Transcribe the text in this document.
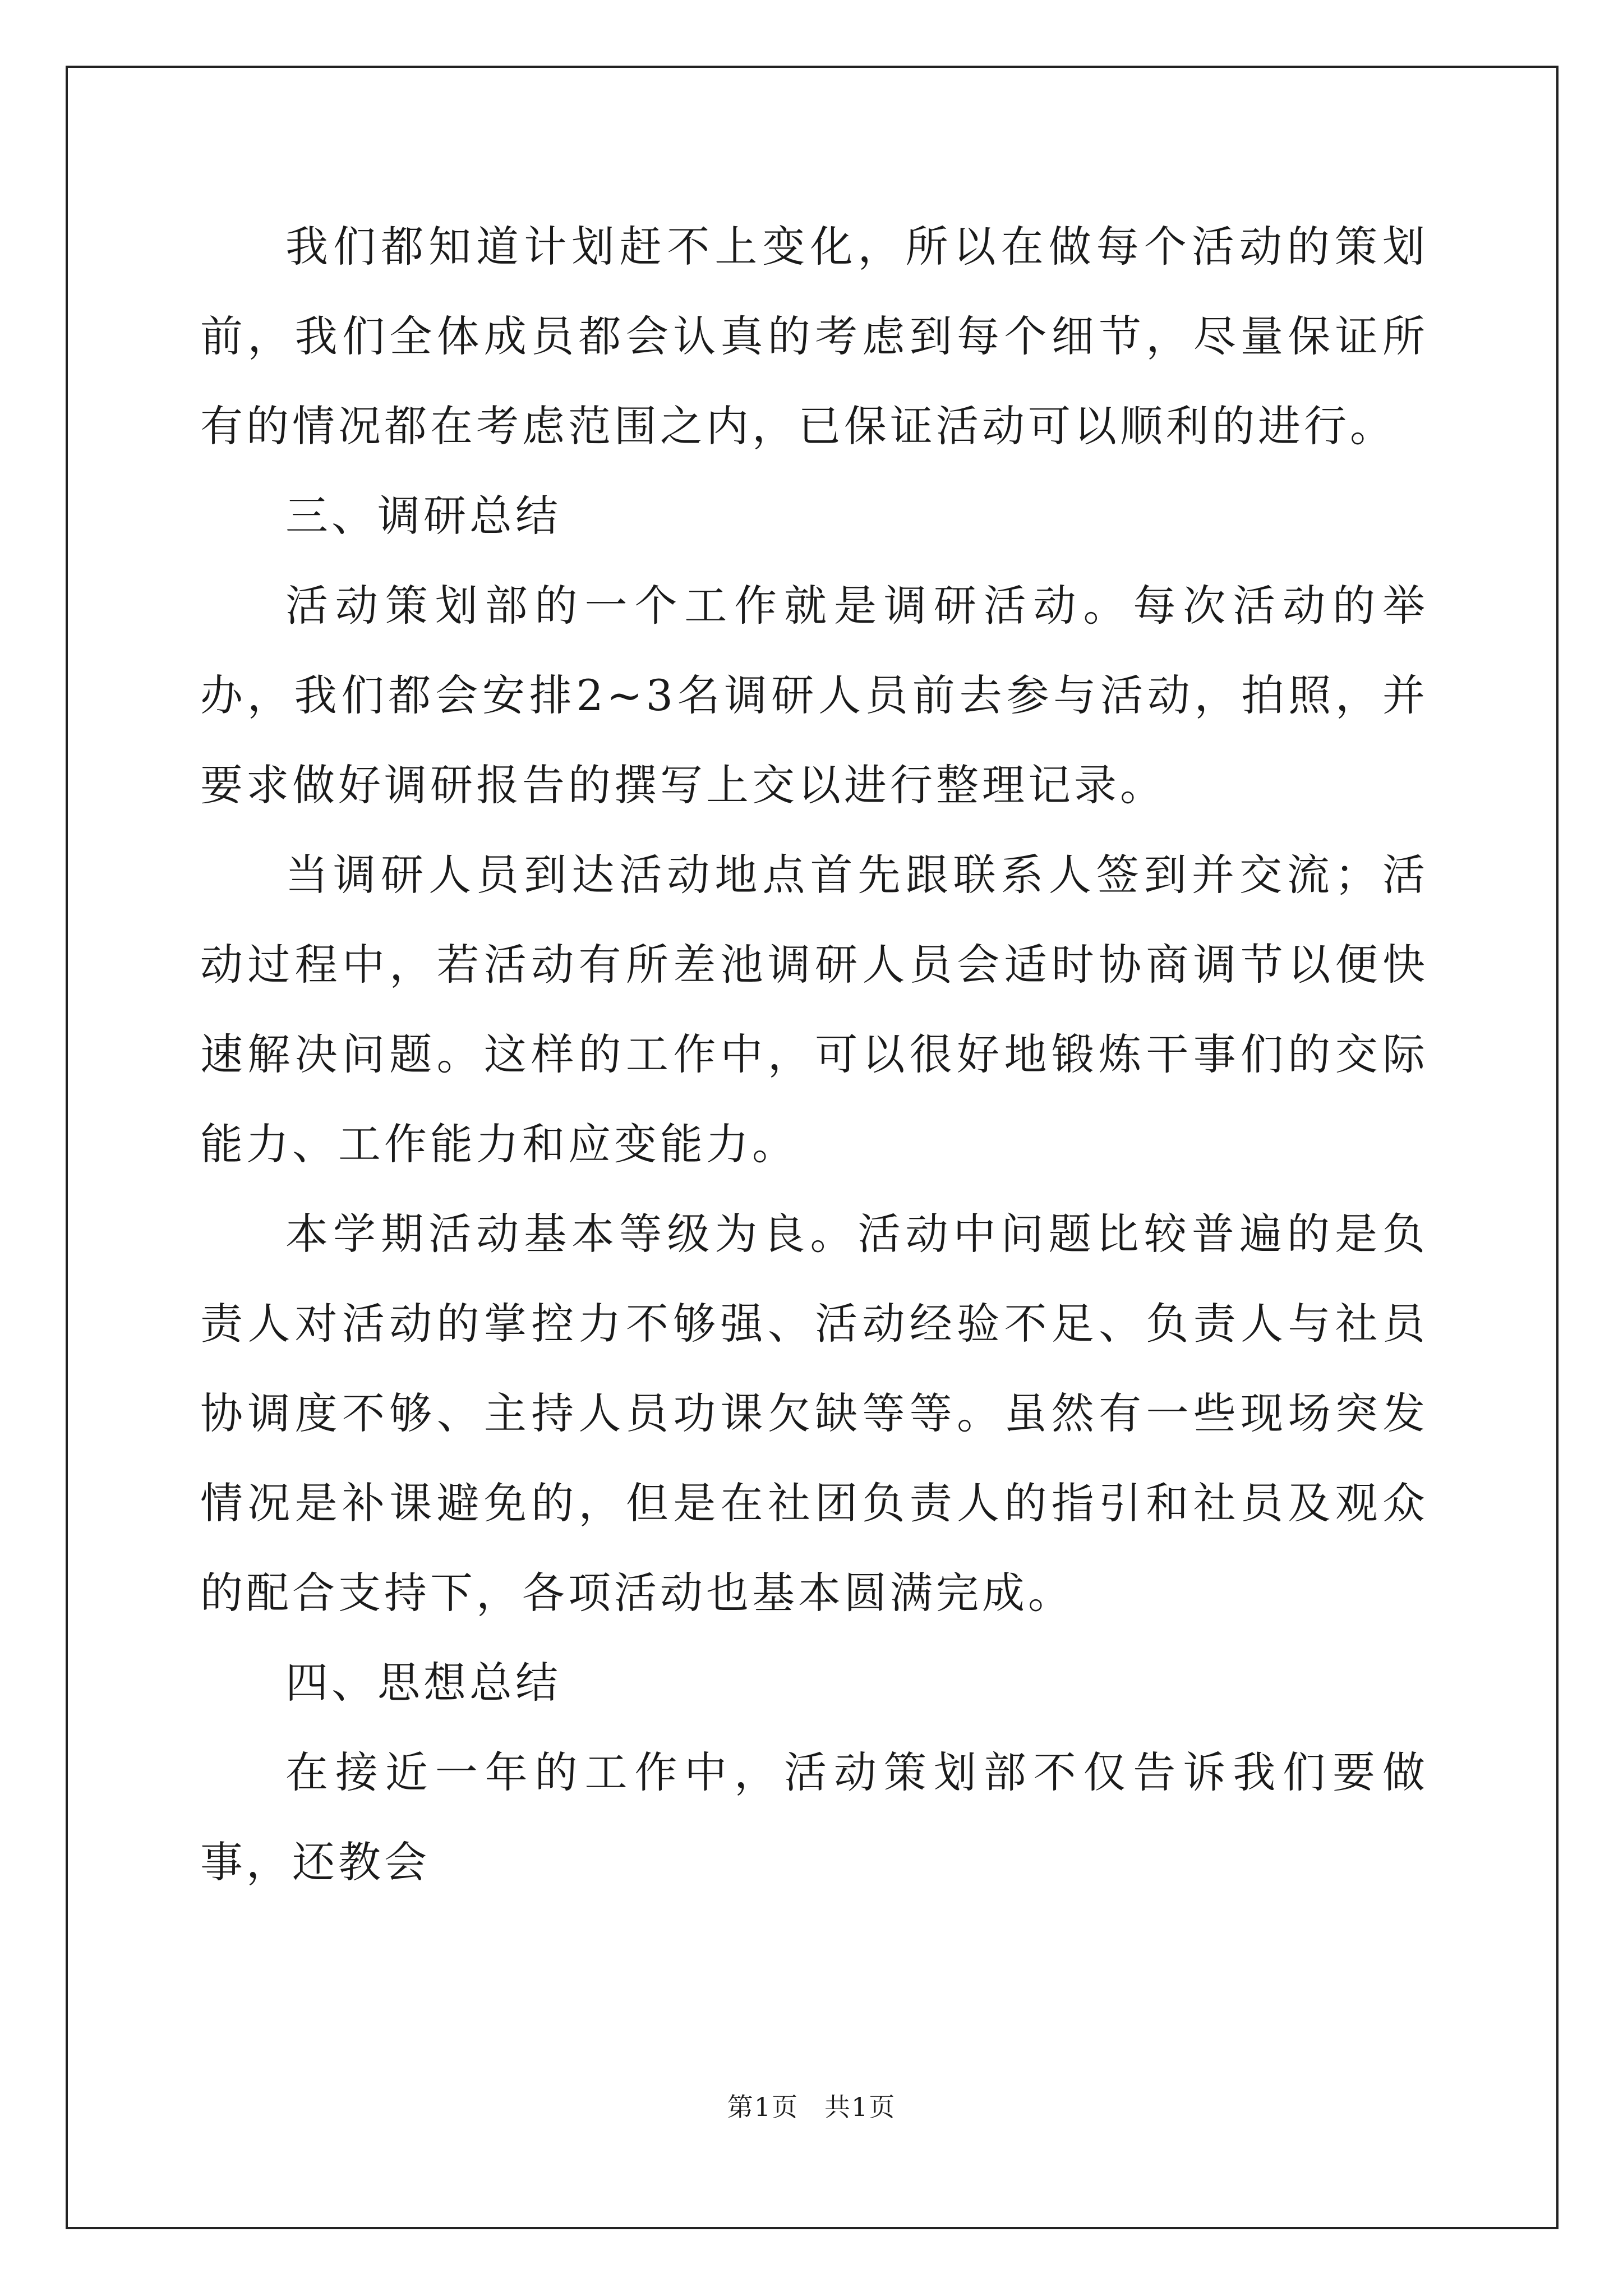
我们都知道计划赶不上变化，所以在做每个活动的策划前，我们全体成员都会认真的考虑到每个细节，尽量保证所有的情况都在考虑范围之内，已保证活动可以顺利的进行。

三、调研总结

活动策划部的一个工作就是调研活动。每次活动的举办，我们都会安排2~3名调研人员前去参与活动，拍照，并要求做好调研报告的撰写上交以进行整理记录。

当调研人员到达活动地点首先跟联系人签到并交流；活动过程中，若活动有所差池调研人员会适时协商调节以便快速解决问题。这样的工作中，可以很好地锻炼干事们的交际能力、工作能力和应变能力。

本学期活动基本等级为良。活动中问题比较普遍的是负责人对活动的掌控力不够强、活动经验不足、负责人与社员协调度不够、主持人员功课欠缺等等。虽然有一些现场突发情况是补课避免的，但是在社团负责人的指引和社员及观众的配合支持下，各项活动也基本圆满完成。

四、思想总结

在接近一年的工作中，活动策划部不仅告诉我们要做事，还教会

第1页 共1页
